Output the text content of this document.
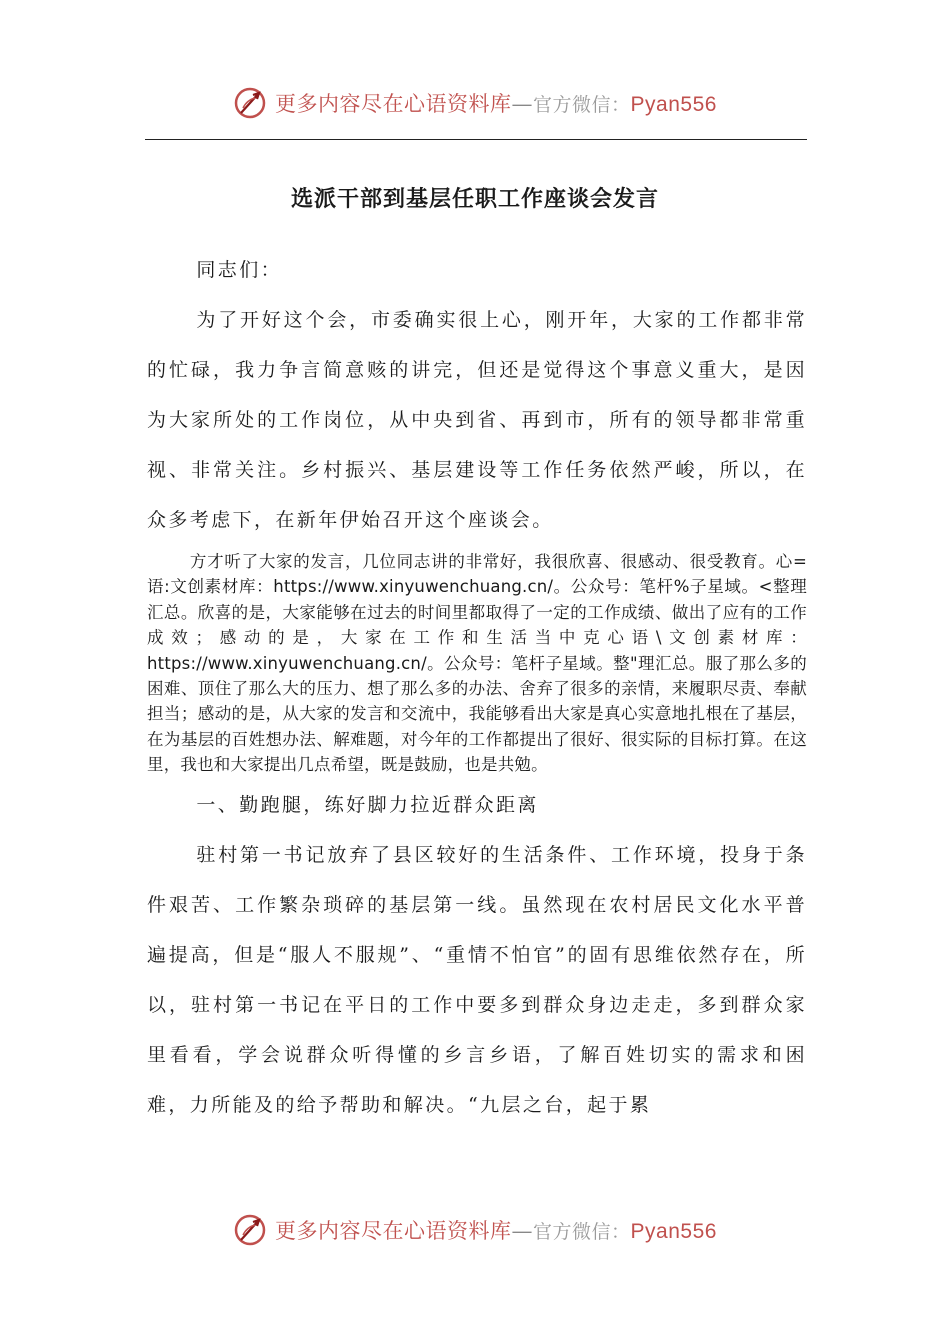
更多内容尽在心语资料库—官方微信：Pyan556
选派干部到基层任职工作座谈会发言

同志们：

为了开好这个会，市委确实很上心，刚开年，大家的工作都非常的忙碌，我力争言简意赅的讲完，但还是觉得这个事意义重大，是因为大家所处的工作岗位，从中央到省、再到市，所有的领导都非常重视、非常关注。乡村振兴、基层建设等工作任务依然严峻，所以，在众多考虑下，在新年伊始召开这个座谈会。

方才听了大家的发言，几位同志讲的非常好，我很欣喜、很感动、很受教育。心=语:文创素材库：https://www.xinyuwenchuang.cn/。公众号：笔杆%子星域。<整理汇总。欣喜的是，大家能够在过去的时间里都取得了一定的工作成绩、做出了应有的工作成效；感动的是，大家在工作和生活当中克心语\文创素材库：https://www.xinyuwenchuang.cn/。公众号：笔杆子星域。整"理汇总。服了那么多的困难、顶住了那么大的压力、想了那么多的办法、舍弃了很多的亲情，来履职尽责、奉献担当；感动的是，从大家的发言和交流中，我能够看出大家是真心实意地扎根在了基层，在为基层的百姓想办法、解难题，对今年的工作都提出了很好、很实际的目标打算。在这里，我也和大家提出几点希望，既是鼓励，也是共勉。

一、勤跑腿，练好脚力拉近群众距离

驻村第一书记放弃了县区较好的生活条件、工作环境，投身于条件艰苦、工作繁杂琐碎的基层第一线。虽然现在农村居民文化水平普遍提高，但是“服人不服规”、“重情不怕官”的固有思维依然存在，所以，驻村第一书记在平日的工作中要多到群众身边走走，多到群众家里看看，学会说群众听得懂的乡言乡语，了解百姓切实的需求和困难，力所能及的给予帮助和解决。“九层之台，起于累

更多内容尽在心语资料库—官方微信：Pyan556
